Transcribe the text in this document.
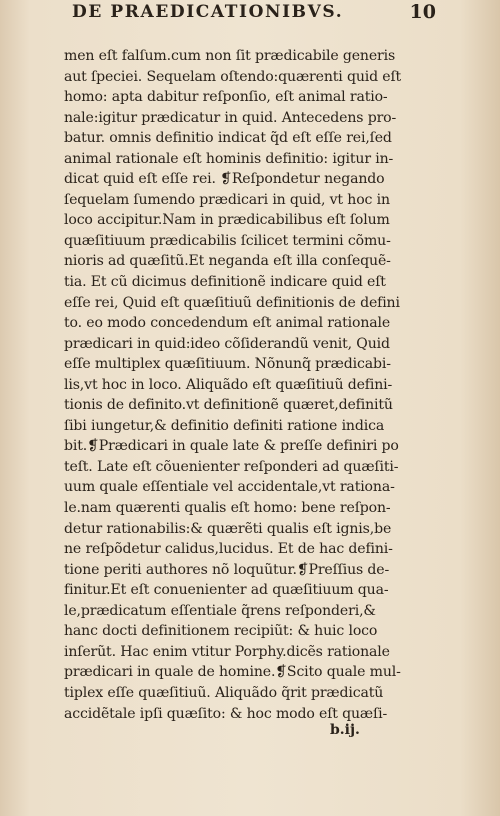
DE PRAEDICATIONIBVS.	10
men eſt falſum.cum non ſit prædicabile generis
aut ſpeciei. Sequelam oſtendo:quærenti quid eſt
homo: apta dabitur reſponſio, eſt animal ratio-
nale:igitur prædicatur in quid. Antecedens pro-
batur. omnis definitio indicat q̃d eſt eſſe rei,ſed
animal rationale eſt hominis definitio: igitur in-
dicat quid eſt eſſe rei. ❡Reſpondetur negando
ſequelam ſumendo prædicari in quid, vt hoc in
loco accipitur.Nam in prædicabilibus eſt ſolum
quæſitiuum prædicabilis ſcilicet termini cõmu-
nioris ad quæſitũ.Et neganda eſt illa conſequẽ-
tia. Et cũ dicimus definitionẽ indicare quid eſt
eſſe rei, Quid eſt quæſitiuũ definitionis de defini
to. eo modo concedendum eſt animal rationale
prædicari in quid:ideo cõſiderandũ venit, Quid
eſſe multiplex quæſitiuum. Nõnunq̃ prædicabi-
lis,vt hoc in loco. Aliquãdo eſt quæſitiuũ defini-
tionis de definito.vt definitionẽ quæret,definitũ
ſibi iungetur,& definitio definiti ratione indica
bit.❡Prædicari in quale late & preſſe definiri po
teſt. Late eſt cõuenienter reſponderi ad quæſiti-
uum quale eſſentiale vel accidentale,vt rationa-
le.nam quærenti qualis eſt homo: bene reſpon-
detur rationabilis:& quærẽti qualis eſt ignis,be
ne reſpõdetur calidus,lucidus. Et de hac defini-
tione periti authores nõ loquũtur.❡Preſſius de-
finitur.Et eſt conuenienter ad quæſitiuum qua-
le,prædicatum eſſentiale q̃rens reſponderi,&
hanc docti definitionem recipiũt: & huic loco
inſerũt. Hac enim vtitur Porphy.dicẽs rationale
prædicari in quale de homine.❡Scito quale mul-
tiplex eſſe quæſitiuũ. Aliquãdo q̃rit prædicatũ
accidẽtale ipſi quæſito: & hoc modo eſt quæſi-
b.ij.
